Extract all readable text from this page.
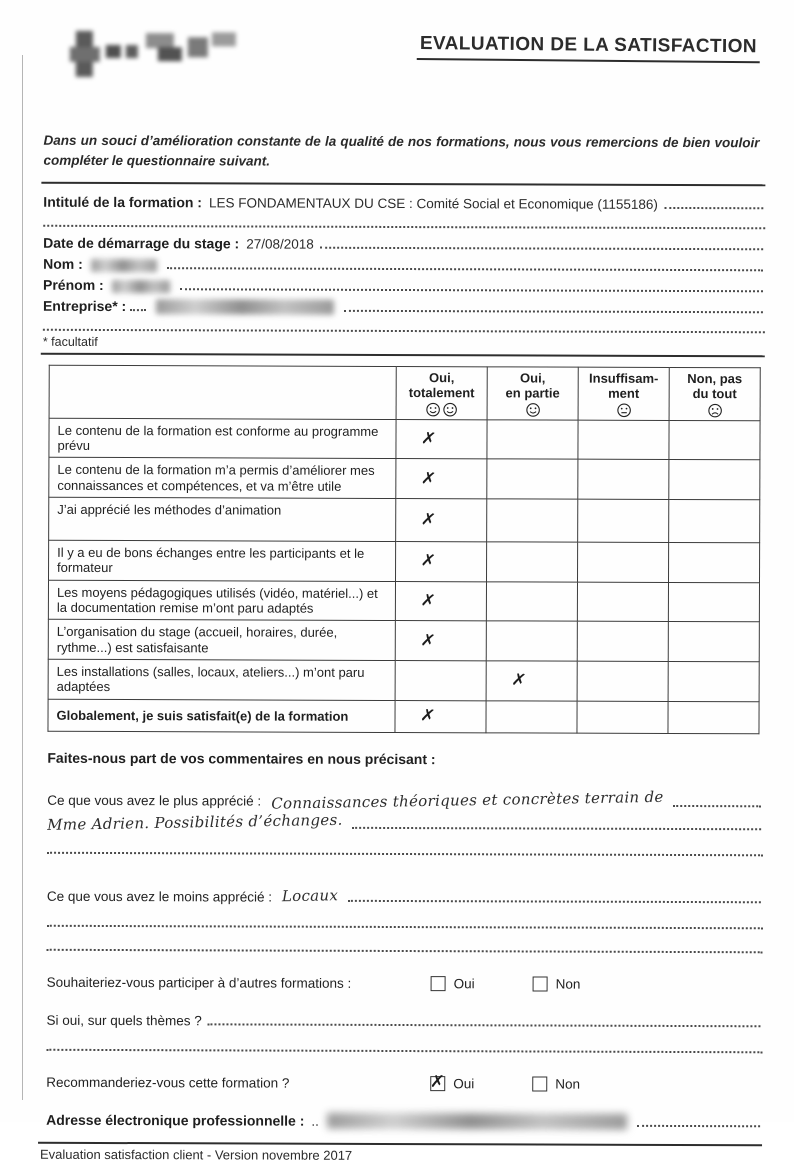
EVALUATION DE LA SATISFACTION
Dans un souci d’amélioration constante de la qualité de nos formations, nous vous remercions de bien vouloir compléter le questionnaire suivant.
Intitulé de la formation : LES FONDAMENTAUX DU CSE : Comité Social et Economique (1155186)
Date de démarrage du stage : 27/08/2018
Nom :
Prénom :
Entreprise* :
* facultatif

	Oui,
totalement	Oui,
en partie	Insuffisam-
ment	Non, pas
du tout

Le contenu de la formation est conforme au programme prévu	✗			
Le contenu de la formation m’a permis d’améliorer mes connaissances et compétences, et va m’être utile	✗			
J’ai apprécié les méthodes d’animation	✗			
Il y a eu de bons échanges entre les participants et le formateur	✗			
Les moyens pédagogiques utilisés (vidéo, matériel...) et la documentation remise m’ont paru adaptés	✗			
L’organisation du stage (accueil, horaires, durée, rythme...) est satisfaisante	✗			
Les installations (salles, locaux, ateliers...) m’ont paru adaptées		✗		
Globalement, je suis satisfait(e) de la formation	✗			
Faites-nous part de vos commentaires en nous précisant :
Ce que vous avez le plus apprécié : Connaissances théoriques et concrètes terrain de
Mme Adrien. Possibilités d’échanges.
Ce que vous avez le moins apprécié : Locaux
Souhaiteriez-vous participer à d’autres formations :	Oui	Non
Si oui, sur quels thèmes ?
Recommanderiez-vous cette formation ?	✗ Oui	Non
Adresse électronique professionnelle : ..
Evaluation satisfaction client - Version novembre 2017
